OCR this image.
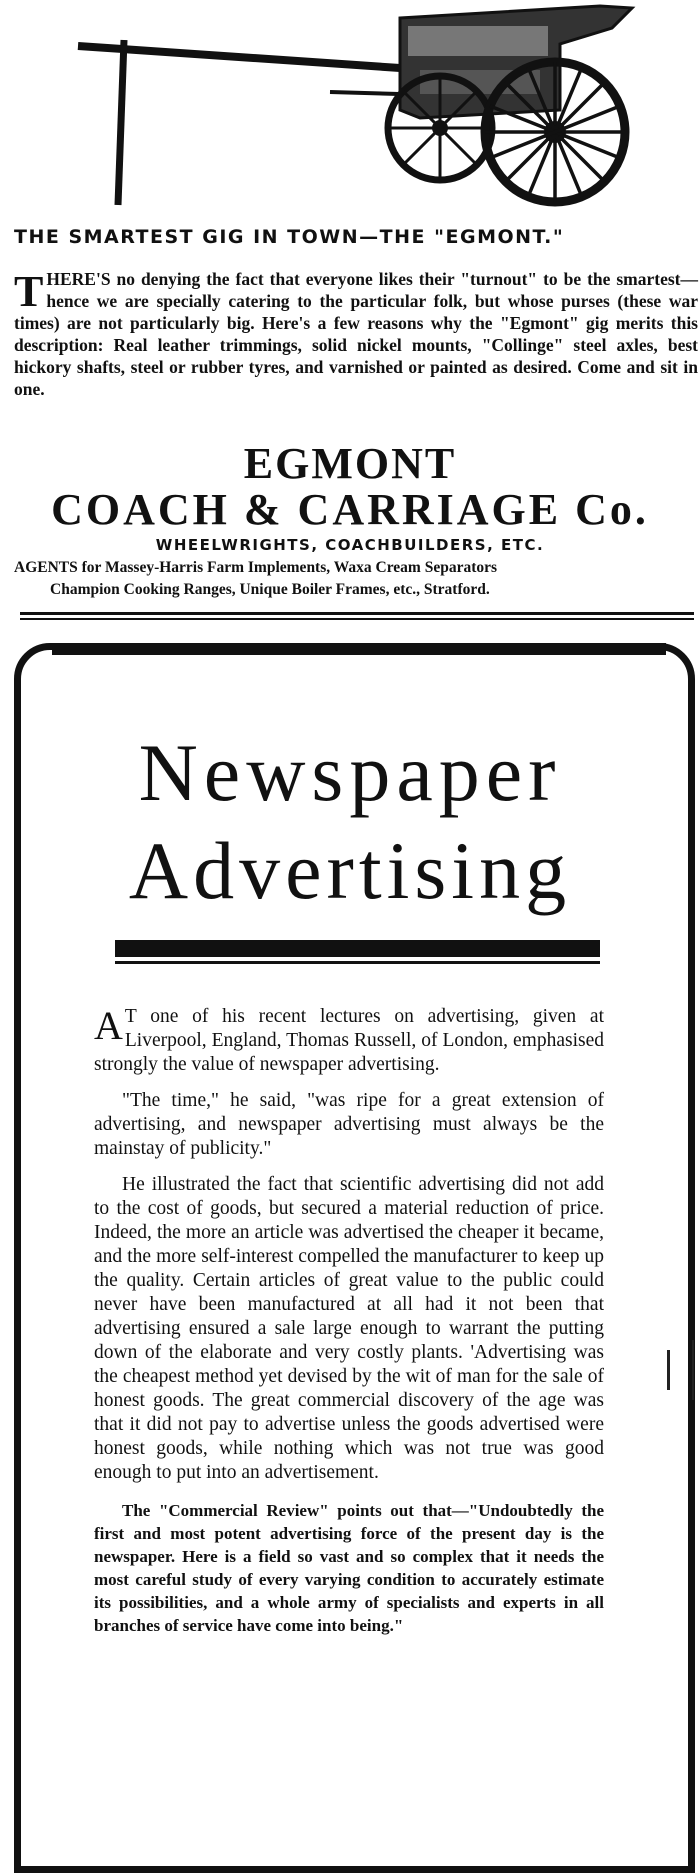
THE SMARTEST GIG IN TOWN—THE "EGMONT."

THERE'S no denying the fact that everyone likes their "turnout" to be the smartest—hence we are specially catering to the particular folk, but whose purses (these war times) are not particularly big. Here's a few reasons why the "Egmont" gig merits this description: Real leather trimmings, solid nickel mounts, "Collinge" steel axles, best hickory shafts, steel or rubber tyres, and varnished or painted as desired. Come and sit in one.

EGMONT
COACH & CARRIAGE Co.
WHEELWRIGHTS, COACHBUILDERS, ETC.

AGENTS for Massey-Harris Farm Implements, Waxa Cream Separators
Champion Cooking Ranges, Unique Boiler Frames, etc., Stratford.

Newspaper
Advertising

A T one of his recent lectures on advertising, given at Liverpool, England, Thomas Russell, of London, emphasised strongly the value of newspaper advertising.

"The time," he said, "was ripe for a great extension of advertising, and newspaper advertising must always be the mainstay of publicity."

He illustrated the fact that scientific advertising did not add to the cost of goods, but secured a material reduction of price. Indeed, the more an article was advertised the cheaper it became, and the more self-interest compelled the manufacturer to keep up the quality. Certain articles of great value to the public could never have been manufactured at all had it not been that advertising ensured a sale large enough to warrant the putting down of the elaborate and very costly plants. 'Advertising was the cheapest method yet devised by the wit of man for the sale of honest goods. The great commercial discovery of the age was that it did not pay to advertise unless the goods advertised were honest goods, while nothing which was not true was good enough to put into an advertisement.

The "Commercial Review" points out that—"Undoubtedly the first and most potent advertising force of the present day is the newspaper. Here is a field so vast and so complex that it needs the most careful study of every varying condition to accurately estimate its possibilities, and a whole army of specialists and experts in all branches of service have come into being."
